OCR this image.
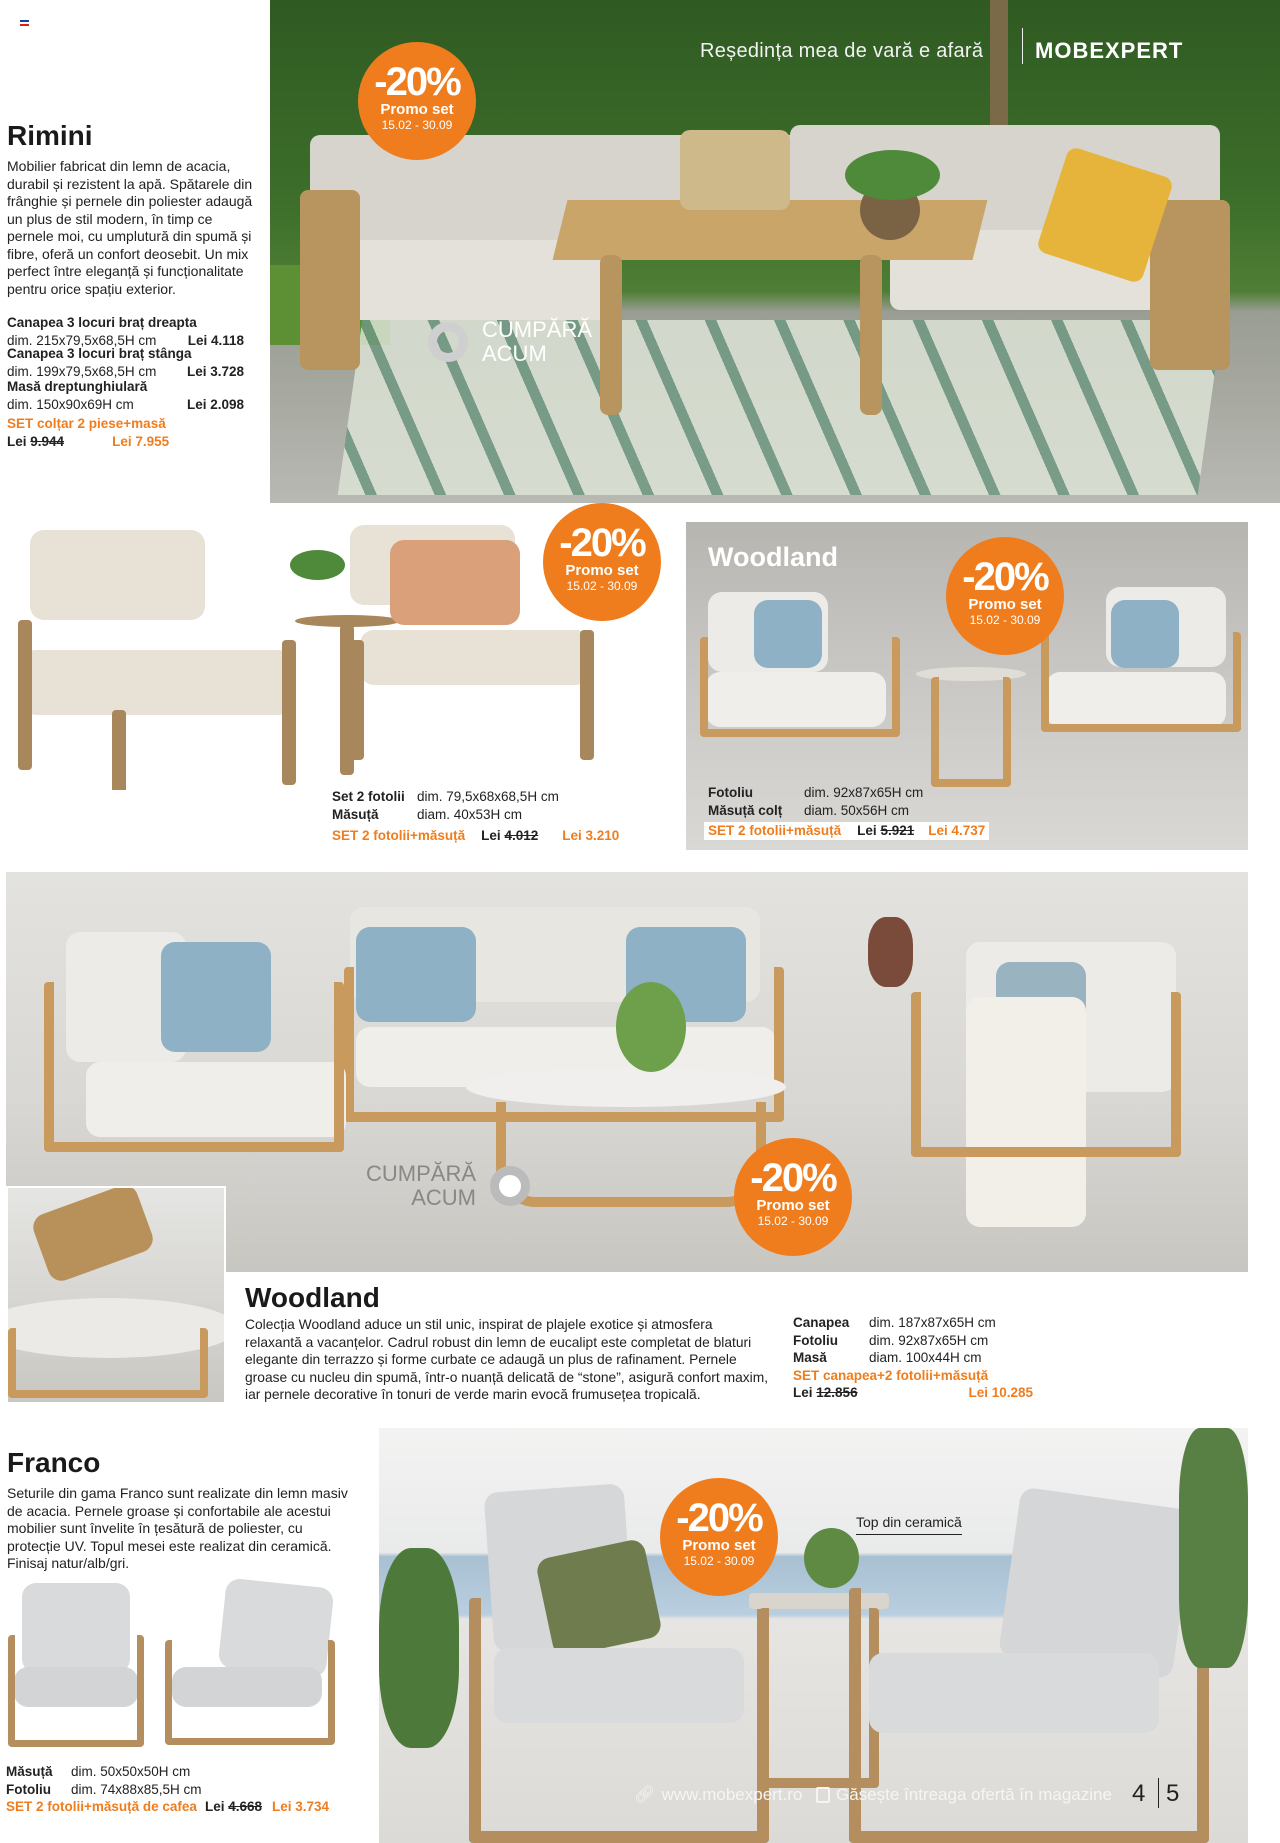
Reședința mea de vară e afară MOBEXPERT
CUMPĂRĂ
ACUM
-20%
Promo set
15.02 - 30.09
Rimini
Mobilier fabricat din lemn de acacia, durabil și rezistent la apă. Spătarele din frânghie și pernele din poliester adaugă un plus de stil modern, în timp ce pernele moi, cu umplutură din spumă și fibre, oferă un confort deosebit. Un mix perfect între eleganță și funcționalitate pentru orice spațiu exterior.
Canapea 3 locuri braț dreapta
dim. 215x79,5x68,5H cm Lei 4.118
Canapea 3 locuri braț stânga
dim. 199x79,5x68,5H cm Lei 3.728
Masă dreptunghiulară
dim. 150x90x69H cm	Lei 2.098
SET colțar 2 piese+masă
Lei
9.944	Lei 7.955
-20%
Promo set
15.02 - 30.09
Set 2 fotolii dim. 79,5x68x68,5H cm
Măsuță	diam. 40x53H cm
SET 2 fotolii+măsuță Lei
4.012 Lei 3.210
Woodland
Fotoliu	dim. 92x87x65H cm
Măsuță colț	diam. 50x56H cm
SET 2 fotolii+măsuță Lei
5.921 Lei 4.737
-20%
Promo set
15.02 - 30.09
CUMPĂRĂ
ACUM	-20%
Promo set
15.02 - 30.09
Woodland
Colecția Woodland aduce un stil unic, inspirat de plajele exotice și atmosfera relaxantă a vacanțelor. Cadrul robust din lemn de eucalipt este completat de blaturi elegante din terrazzo și forme curbate ce adaugă un plus de rafinament. Pernele groase cu nucleu din spumă, într-o nuanță delicată de “stone”, asigură confort maxim, iar pernele decorative în tonuri de verde marin evocă frumusețea tropicală.
Canapea	dim. 187x87x65H cm
Fotoliu	dim. 92x87x65H cm
Masă	diam. 100x44H cm
SET canapea+2 fotolii+măsuță
Lei
12.856	Lei 10.285
Franco
Seturile din gama Franco sunt realizate din lemn masiv de acacia. Pernele groase și confortabile ale acestui mobilier sunt învelite în țesătură de poliester, cu protecție UV. Topul mesei este realizat din ceramică. Finisaj natur/alb/gri.
Măsuță	dim. 50x50x50H cm
Fotoliu	dim. 74x88x85,5H cm
SET 2 fotolii+măsuță de cafea Lei
4.668 Lei 3.734
Top din ceramică
-20%
Promo set
15.02 - 30.09
🔗︎ www.mobexpert.ro Găsește întreaga ofertă în magazine 4 5
